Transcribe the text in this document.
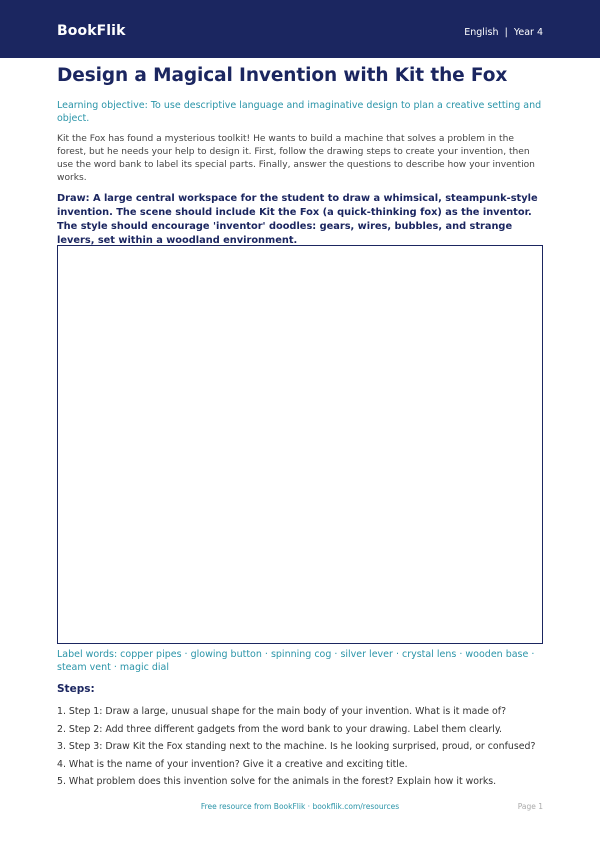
BookFlik	English | Year 4
Design a Magical Invention with Kit the Fox

Learning objective: To use descriptive language and imaginative design to plan a creative setting and object.

Kit the Fox has found a mysterious toolkit! He wants to build a machine that solves a problem in the forest, but he needs your help to design it. First, follow the drawing steps to create your invention, then use the word bank to label its special parts. Finally, answer the questions to describe how your invention works.

Draw: A large central workspace for the student to draw a whimsical, steampunk-style invention. The scene should include Kit the Fox (a quick-thinking fox) as the inventor. The style should encourage 'inventor' doodles: gears, wires, bubbles, and strange levers, set within a woodland environment.

Label words: copper pipes · glowing button · spinning cog · silver lever · crystal lens · wooden base · steam vent · magic dial

Steps:
1. Step 1: Draw a large, unusual shape for the main body of your invention. What is it made of?
2. Step 2: Add three different gadgets from the word bank to your drawing. Label them clearly.
3. Step 3: Draw Kit the Fox standing next to the machine. Is he looking surprised, proud, or confused?
4. What is the name of your invention? Give it a creative and exciting title.
5. What problem does this invention solve for the animals in the forest? Explain how it works.
Free resource from BookFlik · bookflik.com/resources	Page 1
